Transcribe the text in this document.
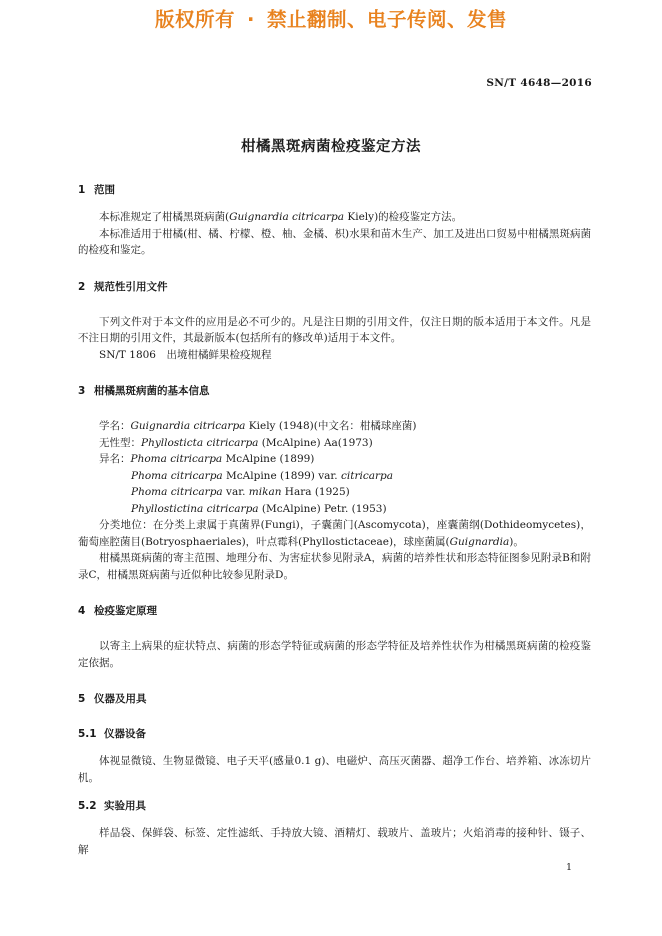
版权所有 · 禁止翻制、电子传阅、发售
SN/T 4648—2016
柑橘黑斑病菌检疫鉴定方法
1 范围

本标准规定了柑橘黑斑病菌(Guignardia citricarpa Kiely)的检疫鉴定方法。

本标准适用于柑橘(柑、橘、柠檬、橙、柚、金橘、枳)水果和苗木生产、加工及进出口贸易中柑橘黑斑病菌的检疫和鉴定。

2 规范性引用文件

下列文件对于本文件的应用是必不可少的。凡是注日期的引用文件，仅注日期的版本适用于本文件。凡是不注日期的引用文件，其最新版本(包括所有的修改单)适用于本文件。

SN/T 1806　出境柑橘鲜果检疫规程

3 柑橘黑斑病菌的基本信息

学名：Guignardia citricarpa Kiely (1948)(中文名：柑橘球座菌)

无性型：Phyllosticta citricarpa (McAlpine) Aa(1973)

异名：Phoma citricarpa McAlpine (1899)

Phoma citricarpa McAlpine (1899) var. citricarpa

Phoma citricarpa var. mikan Hara (1925)

Phyllostictina citricarpa (McAlpine) Petr. (1953)

分类地位：在分类上隶属于真菌界(Fungi)，子囊菌门(Ascomycota)，座囊菌纲(Dothideomycetes)，葡萄座腔菌目(Botryosphaeriales)，叶点霉科(Phyllostictaceae)，球座菌属(Guignardia)。

柑橘黑斑病菌的寄主范围、地理分布、为害症状参见附录A，病菌的培养性状和形态特征图参见附录B和附录C，柑橘黑斑病菌与近似种比较参见附录D。

4 检疫鉴定原理

以寄主上病果的症状特点、病菌的形态学特征或病菌的形态学特征及培养性状作为柑橘黑斑病菌的检疫鉴定依据。

5 仪器及用具
5.1 仪器设备

体视显微镜、生物显微镜、电子天平(感量0.1 g)、电磁炉、高压灭菌器、超净工作台、培养箱、冰冻切片机。

5.2 实验用具

样品袋、保鲜袋、标签、定性滤纸、手持放大镜、酒精灯、载玻片、盖玻片；火焰消毒的接种针、镊子、解

1
